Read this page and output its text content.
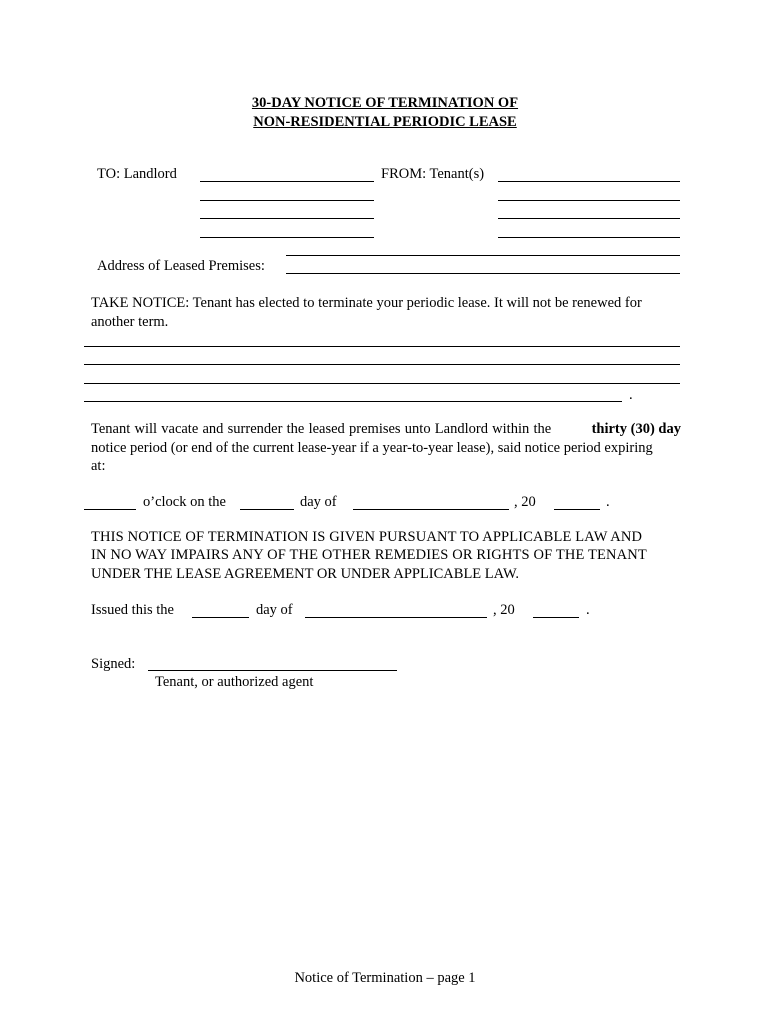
30-DAY NOTICE OF TERMINATION OF
NON-RESIDENTIAL PERIODIC LEASE
TO: Landlord	FROM: Tenant(s)
Address of Leased Premises:
TAKE NOTICE: Tenant has elected to terminate your periodic lease. It will not be renewed for
another term.
.
Tenant will vacate and surrender the leased premises unto Landlord within the	thirty (30) day
notice period (or end of the current lease-year if a year-to-year lease), said notice period expiring
at:
o’clock on the	day of	, 20	.
THIS NOTICE OF TERMINATION IS GIVEN PURSUANT TO APPLICABLE LAW AND
IN NO WAY IMPAIRS ANY OF THE OTHER REMEDIES OR RIGHTS OF THE TENANT
UNDER THE LEASE AGREEMENT OR UNDER APPLICABLE LAW.
Issued this the	day of	, 20	.
Signed:
Tenant, or authorized agent
Notice of Termination – page 1
